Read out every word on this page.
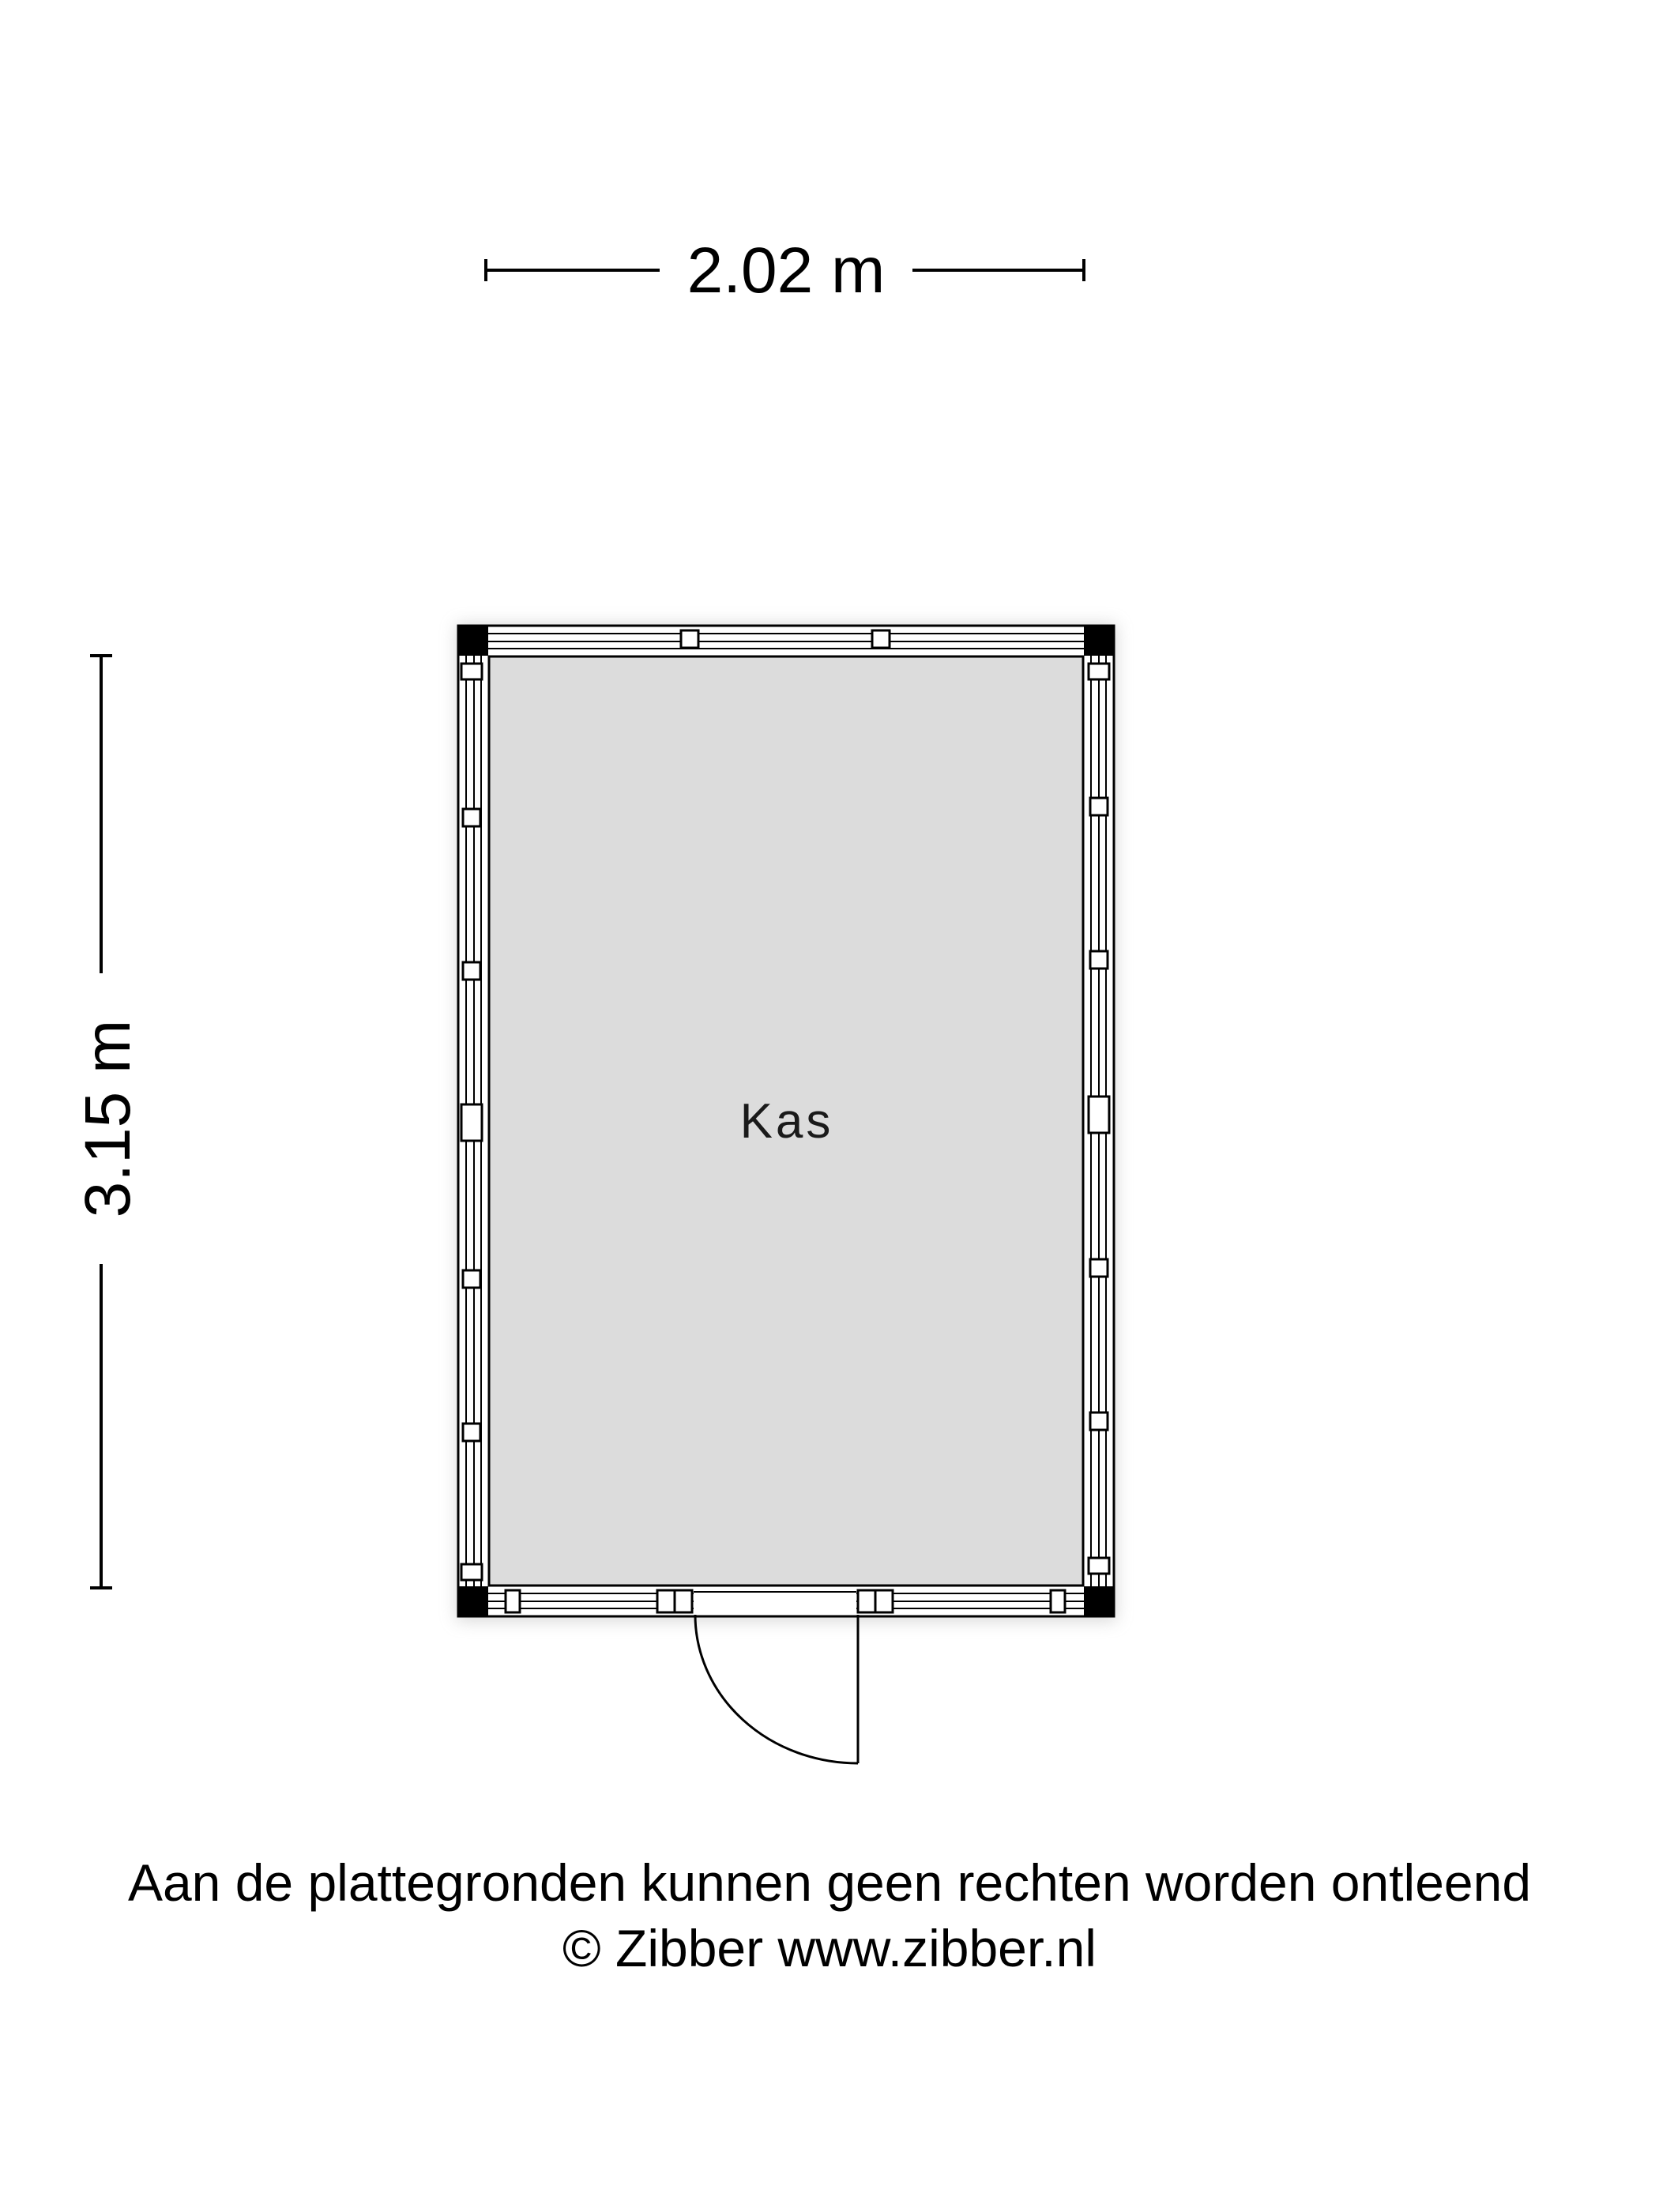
2.02 m
3.15 m	Kas

Aan de plattegronden kunnen geen rechten worden ontleend

© Zibber www.zibber.nl
